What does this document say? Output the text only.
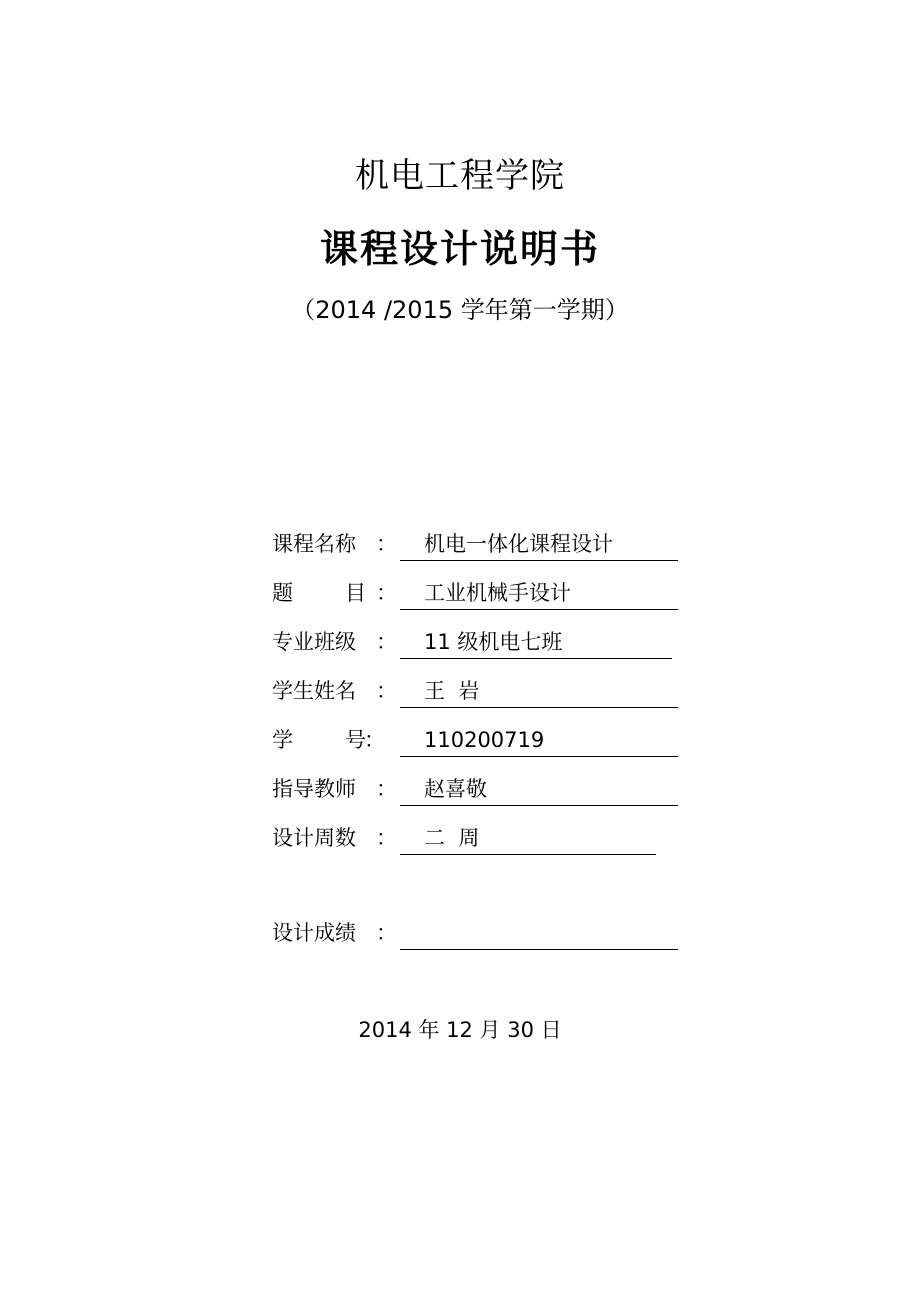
机电工程学院
课程设计说明书
（2014 /2015 学年第一学期）
课程名称 ： 机电一体化课程设计
题 目 ： 工业机械手设计
专业班级 ： 11 级机电七班
学生姓名 ： 王  岩
学 号
： 110200719
指导教师 ： 赵喜敬
设计周数 ： 二  周
设计成绩 ：
2014 年 12 月 30 日
